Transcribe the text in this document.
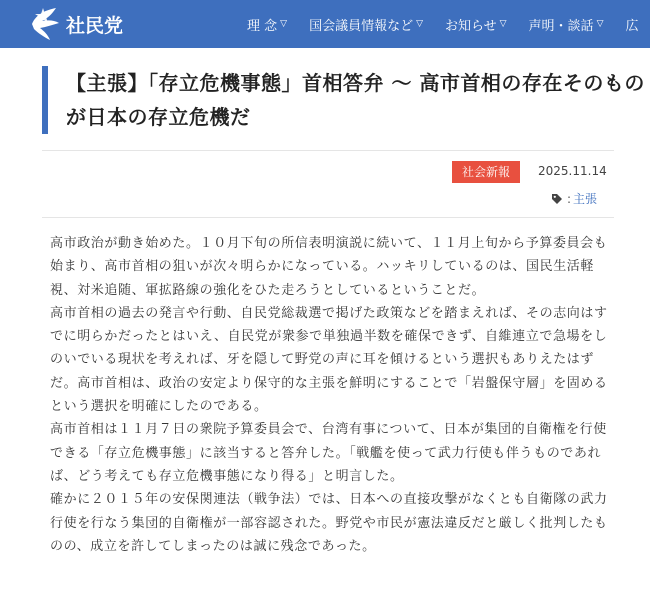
社民党	理 念 ▽ 国会議員情報など ▽ お知らせ ▽ 声明・談話 ▽ 広
【主張】「存立危機事態」首相答弁 〜 高市首相の存在そのものが日本の存立危機だ
社会新報	2025.11.14
: 主張

高市政治が動き始めた。１０月下旬の所信表明演説に続いて、１１月上旬から予算委員会も始まり、高市首相の狙いが次々明らかになっている。ハッキリしているのは、国民生活軽視、対米追随、軍拡路線の強化をひた走ろうとしているということだ。

高市首相の過去の発言や行動、自民党総裁選で掲げた政策などを踏まえれば、その志向はすでに明らかだったとはいえ、自民党が衆参で単独過半数を確保できず、自維連立で急場をしのいでいる現状を考えれば、牙を隠して野党の声に耳を傾けるという選択もありえたはずだ。高市首相は、政治の安定より保守的な主張を鮮明にすることで「岩盤保守層」を固めるという選択を明確にしたのである。

高市首相は１１月７日の衆院予算委員会で、台湾有事について、日本が集団的自衛権を行使できる「存立危機事態」に該当すると答弁した。「戦艦を使って武力行使も伴うものであれば、どう考えても存立危機事態になり得る」と明言した。

確かに２０１５年の安保関連法（戦争法）では、日本への直接攻撃がなくとも自衛隊の武力行使を行なう集団的自衛権が一部容認された。野党や市民が憲法違反だと厳しく批判したものの、成立を許してしまったのは誠に残念であった。
